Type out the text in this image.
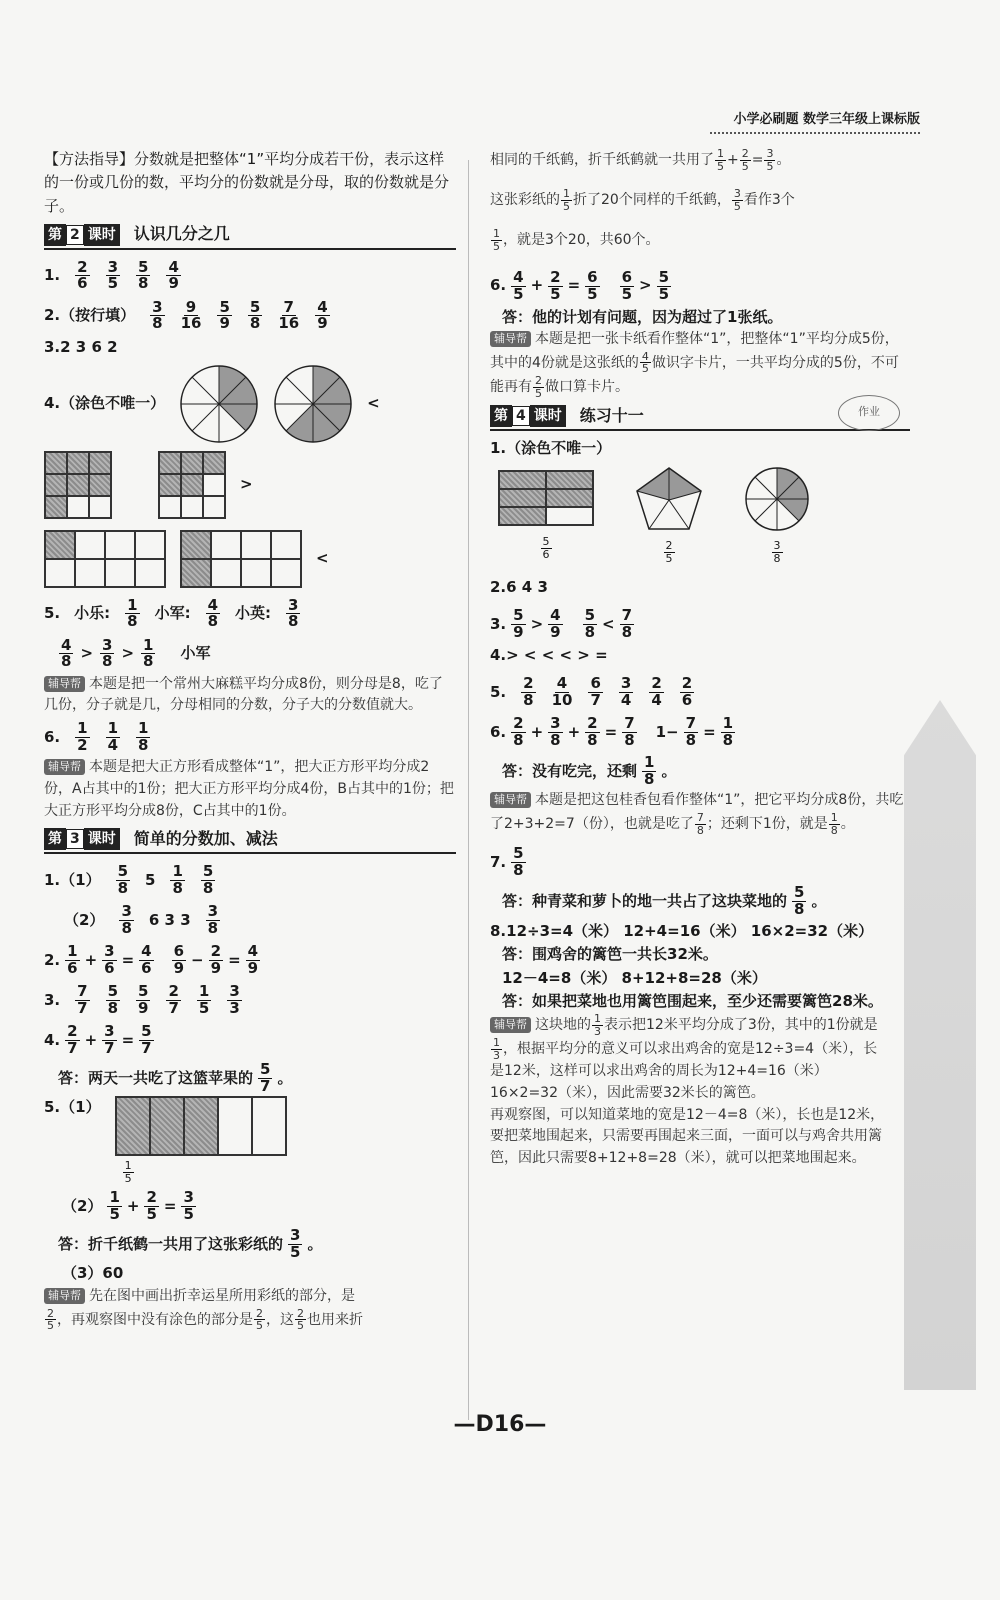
小学必刷题 数学三年级上课标版
【方法指导】分数就是把整体“1”平均分成若干份，表示这样的一份或几份的数，平均分的份数就是分母，取的份数就是分子。
第 2 课时 认识几分之几
1. 2
6
3
5
5
8
4
9
2.（按行填） 3
8
9
16
5
9
5
8
7
16
4
9
3.2 3 6 2
4.（涂色不唯一）	<
>
<
5. 小乐: 1
8 小军: 4
8 小英: 3
8
4
8 > 3
8 > 1
8 小军
辅导帮 本题是把一个常州大麻糕平均分成8份，则分母是8，吃了几份，分子就是几，分母相同的分数，分子大的分数值就大。
6. 1
2
1
4
1
8
辅导帮 本题是把大正方形看成整体“1”，把大正方形平均分成2份，A占其中的1份；把大正方形平均分成4份，B占其中的1份；把大正方形平均分成8份，C占其中的1份。
第 3 课时 简单的分数加、减法
1.（1） 5
8 5 1
8
5
8
（2） 3
8 6 3 3 3
8
2. 1
6 + 3
6 = 4
6
6
9 − 2
9 = 4
9
3. 7
7
5
8
5
9
2
7
1
5
3
3
4. 2
7 + 3
7 = 5
7
答：两天一共吃了这篮苹果的 5
7 。
5.（1）
1
5
（2） 1
5 + 2
5 = 3
5
答：折千纸鹤一共用了这张彩纸的 3
5 。
（3）60
辅导帮 先在图中画出折幸运星所用彩纸的部分，是

$\frac{2}{5}$ ，再观察图中没有涂色的部分是 $\frac{2}{5}$ ，这 $\frac{2}{5}$ 也用来折
相同的千纸鹤，折千纸鹤就一共用了 $\frac{1}{5} + \frac{2}{5} = \frac{3}{5}$ 。
这张彩纸的 $\frac{1}{5}$ 折了20个同样的千纸鹤， $\frac{3}{5}$ 看作3个
$\frac{1}{5}$ ，就是3个20，共60个。
6. 4
5 + 2
5 = 6
5
6
5 > 5
5
答：他的计划有问题，因为超过了1张纸。
辅导帮 本题是把一张卡纸看作整体“1”，把整体“1”平均分成5份，其中的4份就是这张纸的 $\frac{4}{5}$ 做识字卡片，一共平均分成的5份，不可能再有 $\frac{2}{5}$ 做口算卡片。
第 4 课时 练习十一	作业
1.（涂色不唯一）
5
6
2
5
3
8
2.6 4 3
3. 5
9 > 4
9
5
8 < 7
8
4.> < < < > =
5. 2
8
4
10
6
7
3
4
2
4
2
6
6. 2
8 + 3
8 + 2
8 = 7
8 $1- \frac{7}{8} = 1$
8
答：没有吃完，还剩 1
8 。
辅导帮 本题是把这包桂香包看作整体“1”，把它平均分成8份，共吃了2+3+2=7（份），也就是吃了 $\frac{7}{8}$ ；还剩下1份，就是 $\frac{1}{8}$ 。
7. 5
8
答：种青菜和萝卜的地一共占了这块菜地的 5
8 。
8.12÷3=4（米） 12+4=16（米） 16×2=32（米）
答：围鸡舍的篱笆一共长32米。
12－4=8（米） 8+12+8=28（米）
答：如果把菜地也用篱笆围起来，至少还需要篱笆28米。
辅导帮 这块地的 $\frac{1}{3}$ 表示把12米平均分成了3份，其中的1份就是
$\frac{1}{3}$ ，根据平均分的意义可以求出鸡舍的宽是12÷3=4（米），长是12米，这样可以求出鸡舍的周长为12+4=16（米）16×2=32（米），因此需要32米长的篱笆。
再观察图，可以知道菜地的宽是12－4=8（米），长也是12米，要把菜地围起来，只需要再围起来三面，一面可以与鸡舍共用篱笆，因此只需要8+12+8=28（米），就可以把菜地围起来。
—D16—
